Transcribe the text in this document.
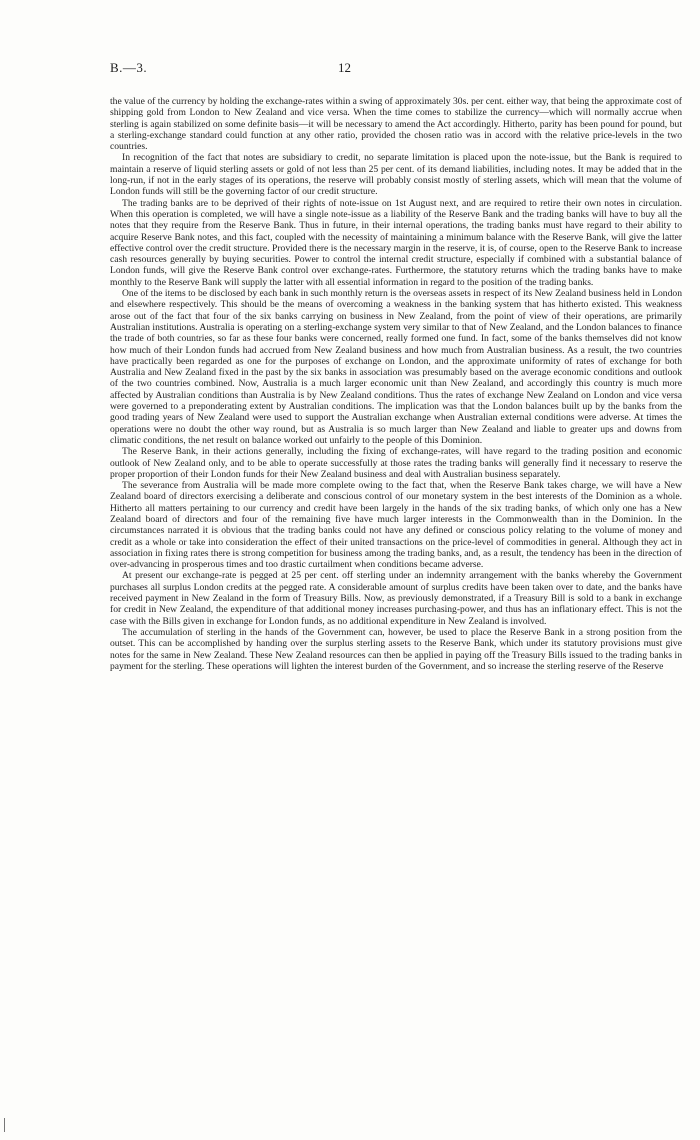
B.—3.	12

the value of the currency by holding the exchange-rates within a swing of approximately 30s. per cent. either way, that being the approximate cost of shipping gold from London to New Zealand and vice versa. When the time comes to stabilize the currency—which will normally accrue when sterling is again stabilized on some definite basis—it will be necessary to amend the Act accordingly. Hitherto, parity has been pound for pound, but a sterling-exchange standard could function at any other ratio, provided the chosen ratio was in accord with the relative price-levels in the two countries.

In recognition of the fact that notes are subsidiary to credit, no separate limitation is placed upon the note-issue, but the Bank is required to maintain a reserve of liquid sterling assets or gold of not less than 25 per cent. of its demand liabilities, including notes. It may be added that in the long-run, if not in the early stages of its operations, the reserve will probably consist mostly of sterling assets, which will mean that the volume of London funds will still be the governing factor of our credit structure.

The trading banks are to be deprived of their rights of note-issue on 1st August next, and are required to retire their own notes in circulation. When this operation is completed, we will have a single note-issue as a liability of the Reserve Bank and the trading banks will have to buy all the notes that they require from the Reserve Bank. Thus in future, in their internal operations, the trading banks must have regard to their ability to acquire Reserve Bank notes, and this fact, coupled with the necessity of maintaining a minimum balance with the Reserve Bank, will give the latter effective control over the credit structure. Provided there is the necessary margin in the reserve, it is, of course, open to the Reserve Bank to increase cash resources generally by buying securities. Power to control the internal credit structure, especially if combined with a substantial balance of London funds, will give the Reserve Bank control over exchange-rates. Furthermore, the statutory returns which the trading banks have to make monthly to the Reserve Bank will supply the latter with all essential information in regard to the position of the trading banks.

One of the items to be disclosed by each bank in such monthly return is the overseas assets in respect of its New Zealand business held in London and elsewhere respectively. This should be the means of overcoming a weakness in the banking system that has hitherto existed. This weakness arose out of the fact that four of the six banks carrying on business in New Zealand, from the point of view of their operations, are primarily Australian institutions. Australia is operating on a sterling-exchange system very similar to that of New Zealand, and the London balances to finance the trade of both countries, so far as these four banks were concerned, really formed one fund. In fact, some of the banks themselves did not know how much of their London funds had accrued from New Zealand business and how much from Australian business. As a result, the two countries have practically been regarded as one for the purposes of exchange on London, and the approximate uniformity of rates of exchange for both Australia and New Zealand fixed in the past by the six banks in association was presumably based on the average economic conditions and outlook of the two countries combined. Now, Australia is a much larger economic unit than New Zealand, and accordingly this country is much more affected by Australian conditions than Australia is by New Zealand conditions. Thus the rates of exchange New Zealand on London and vice versa were governed to a preponderating extent by Australian conditions. The implication was that the London balances built up by the banks from the good trading years of New Zealand were used to support the Australian exchange when Australian external conditions were adverse. At times the operations were no doubt the other way round, but as Australia is so much larger than New Zealand and liable to greater ups and downs from climatic conditions, the net result on balance worked out unfairly to the people of this Dominion.

The Reserve Bank, in their actions generally, including the fixing of exchange-rates, will have regard to the trading position and economic outlook of New Zealand only, and to be able to operate successfully at those rates the trading banks will generally find it necessary to reserve the proper proportion of their London funds for their New Zealand business and deal with Australian business separately.

The severance from Australia will be made more complete owing to the fact that, when the Reserve Bank takes charge, we will have a New Zealand board of directors exercising a deliberate and conscious control of our monetary system in the best interests of the Dominion as a whole. Hitherto all matters pertaining to our currency and credit have been largely in the hands of the six trading banks, of which only one has a New Zealand board of directors and four of the remaining five have much larger interests in the Commonwealth than in the Dominion. In the circumstances narrated it is obvious that the trading banks could not have any defined or conscious policy relating to the volume of money and credit as a whole or take into consideration the effect of their united transactions on the price-level of commodities in general. Although they act in association in fixing rates there is strong competition for business among the trading banks, and, as a result, the tendency has been in the direction of over-advancing in prosperous times and too drastic curtailment when conditions became adverse.

At present our exchange-rate is pegged at 25 per cent. off sterling under an indemnity arrangement with the banks whereby the Government purchases all surplus London credits at the pegged rate. A considerable amount of surplus credits have been taken over to date, and the banks have received payment in New Zealand in the form of Treasury Bills. Now, as previously demonstrated, if a Treasury Bill is sold to a bank in exchange for credit in New Zealand, the expenditure of that additional money increases purchasing-power, and thus has an inflationary effect. This is not the case with the Bills given in exchange for London funds, as no additional expenditure in New Zealand is involved.

The accumulation of sterling in the hands of the Government can, however, be used to place the Reserve Bank in a strong position from the outset. This can be accomplished by handing over the surplus sterling assets to the Reserve Bank, which under its statutory provisions must give notes for the same in New Zealand. These New Zealand resources can then be applied in paying off the Treasury Bills issued to the trading banks in payment for the sterling. These operations will lighten the interest burden of the Government, and so increase the sterling reserve of the Reserve
